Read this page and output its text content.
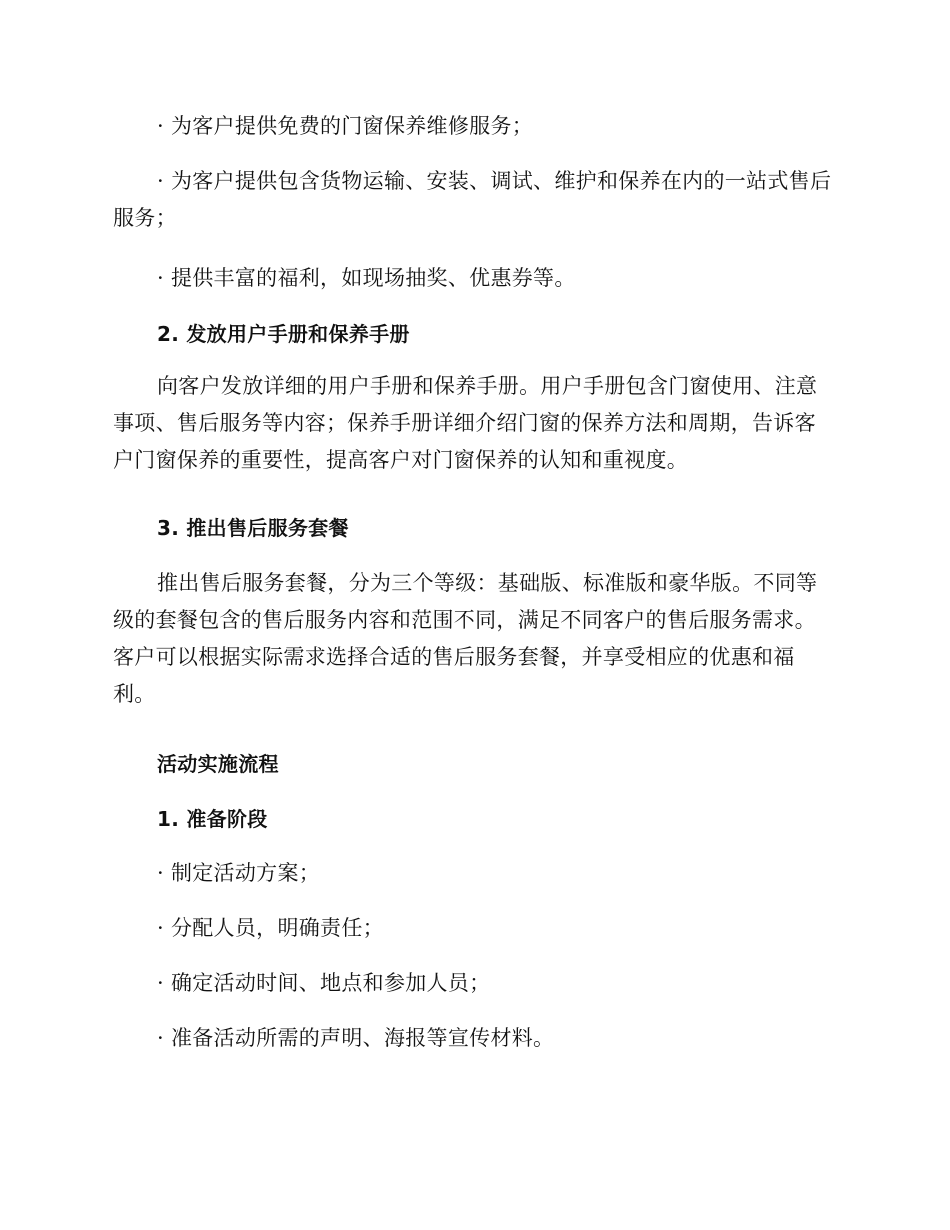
· 为客户提供免费的门窗保养维修服务；

· 为客户提供包含货物运输、安装、调试、维护和保养在内的一站式售后服务；

· 提供丰富的福利，如现场抽奖、优惠券等。

2. 发放用户手册和保养手册

向客户发放详细的用户手册和保养手册。用户手册包含门窗使用、注意事项、售后服务等内容；保养手册详细介绍门窗的保养方法和周期，告诉客户门窗保养的重要性，提高客户对门窗保养的认知和重视度。

3. 推出售后服务套餐

推出售后服务套餐，分为三个等级：基础版、标准版和豪华版。不同等级的套餐包含的售后服务内容和范围不同，满足不同客户的售后服务需求。客户可以根据实际需求选择合适的售后服务套餐，并享受相应的优惠和福利。

活动实施流程

1. 准备阶段

· 制定活动方案；

· 分配人员，明确责任；

· 确定活动时间、地点和参加人员；

· 准备活动所需的声明、海报等宣传材料。
